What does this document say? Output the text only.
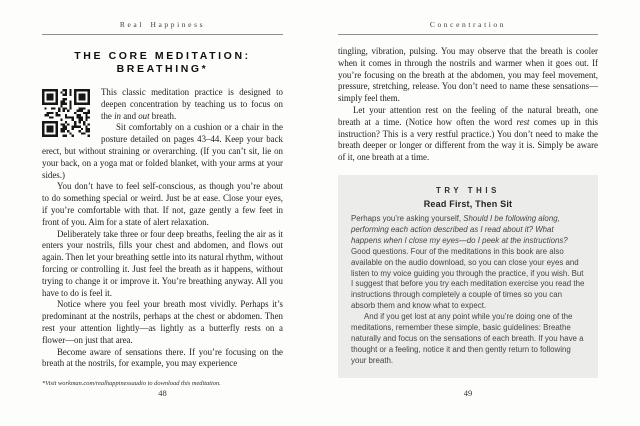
Real Happiness
THE CORE MEDITATION:
BREATHING*

This classic meditation practice is designed to deepen concentration by teaching us to focus on the in and out breath.

Sit comfortably on a cushion or a chair in the posture detailed on pages 43–44. Keep your back erect, but without straining or overarching. (If you can’t sit, lie on your back, on a yoga mat or folded blanket, with your arms at your sides.)

You don’t have to feel self-conscious, as though you’re about to do something special or weird. Just be at ease. Close your eyes, if you’re comfortable with that. If not, gaze gently a few feet in front of you. Aim for a state of alert relaxation.

Deliberately take three or four deep breaths, feeling the air as it enters your nostrils, fills your chest and abdomen, and flows out again. Then let your breathing settle into its natural rhythm, without forcing or controlling it. Just feel the breath as it happens, without trying to change it or improve it. You’re breathing anyway. All you have to do is feel it.

Notice where you feel your breath most vividly. Perhaps it’s predominant at the nostrils, perhaps at the chest or abdomen. Then rest your attention lightly—as lightly as a butterfly rests on a flower—on just that area.

Become aware of sensations there. If you’re focusing on the breath at the nostrils, for example, you may experience

*Visit workman.com/realhappinessaudio to download this meditation.
48
Concentration

tingling, vibration, pulsing. You may observe that the breath is cooler when it comes in through the nostrils and warmer when it goes out. If you’re focusing on the breath at the abdomen, you may feel movement, pressure, stretching, release. You don’t need to name these sensations—simply feel them.

Let your attention rest on the feeling of the natural breath, one breath at a time. (Notice how often the word rest comes up in this instruction? This is a very restful practice.) You don’t need to make the breath deeper or longer or different from the way it is. Simply be aware of it, one breath at a time.

TRY THIS

Read First, Then Sit

Perhaps you’re asking yourself, Should I be following along, performing each action described as I read about it? What happens when I close my eyes—do I peek at the instructions? Good questions. Four of the meditations in this book are also available on the audio download, so you can close your eyes and listen to my voice guiding you through the practice, if you wish. But I suggest that before you try each meditation exercise you read the instructions through completely a couple of times so you can absorb them and know what to expect.

And if you get lost at any point while you’re doing one of the meditations, remember these simple, basic guidelines: Breathe naturally and focus on the sensations of each breath. If you have a thought or a feeling, notice it and then gently return to following your breath.

49
